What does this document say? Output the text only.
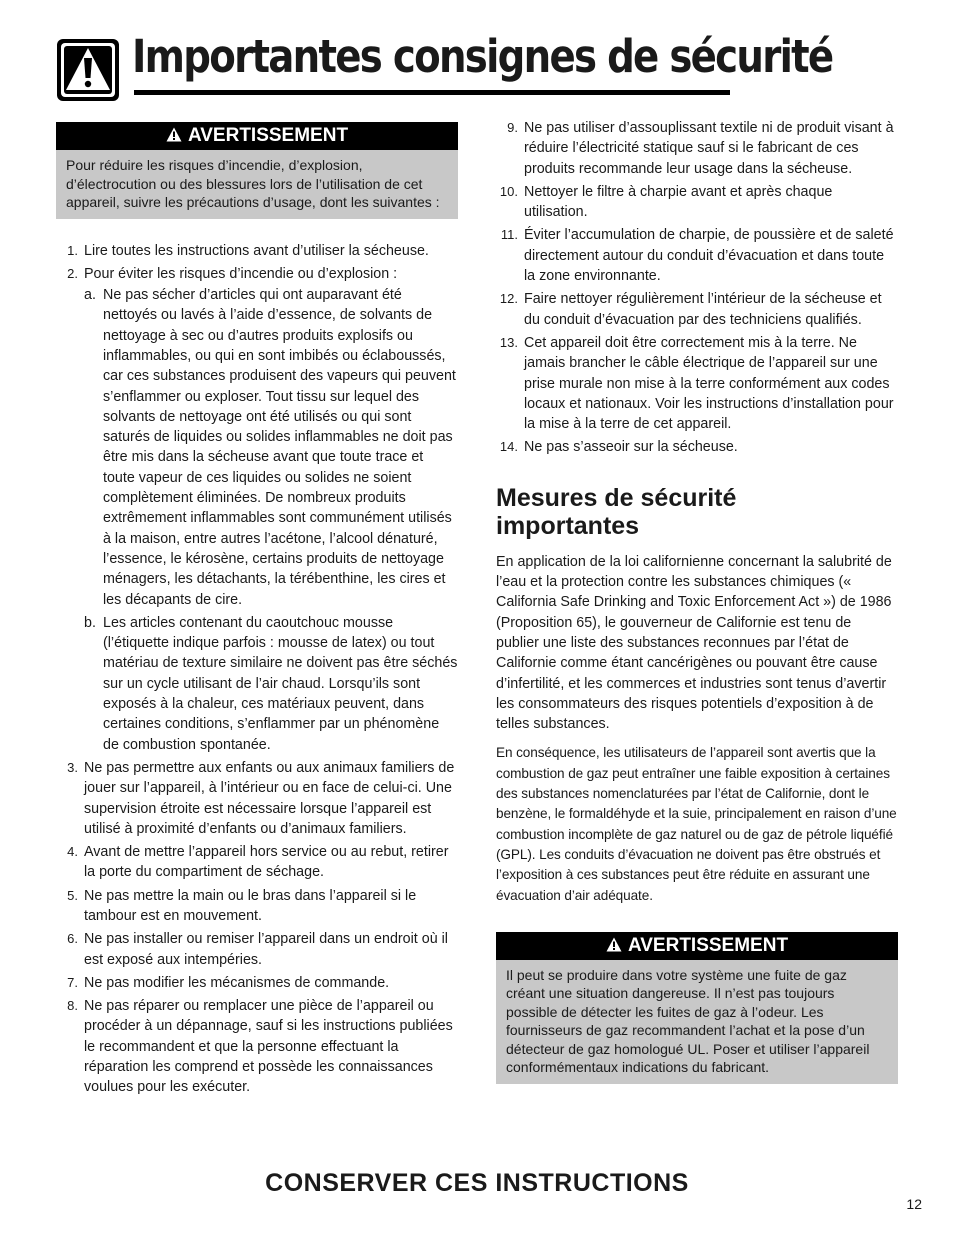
Importantes consignes de sécurité
AVERTISSEMENT
Pour réduire les risques d’incendie, d’explosion, d’électrocution ou des blessures lors de l’utilisation de cet appareil, suivre les précautions d’usage, dont les suivantes :
1. Lire toutes les instructions avant d’utiliser la sécheuse.
2. Pour éviter les risques d’incendie ou d’explosion :
a. Ne pas sécher d’articles qui ont auparavant été nettoyés ou lavés à l’aide d’essence, de solvants de nettoyage à sec ou d’autres produits explosifs ou inflammables, ou qui en sont imbibés ou éclaboussés, car ces substances produisent des vapeurs qui peuvent s’enflammer ou exploser. Tout tissu sur lequel des solvants de nettoyage ont été utilisés ou qui sont saturés de liquides ou solides inflammables ne doit pas être mis dans la sécheuse avant que toute trace et toute vapeur de ces liquides ou solides ne soient complètement éliminées. De nombreux produits extrêmement inflammables sont communément utilisés à la maison, entre autres l’acétone, l’alcool dénaturé, l’essence, le kérosène, certains produits de nettoyage ménagers, les détachants, la térébenthine, les cires et les décapants de cire.
b. Les articles contenant du caoutchouc mousse (l’étiquette indique parfois : mousse de latex) ou tout matériau de texture similaire ne doivent pas être séchés sur un cycle utilisant de l’air chaud. Lorsqu’ils sont exposés à la chaleur, ces matériaux peuvent, dans certaines conditions, s’enflammer par un phénomène de combustion spontanée.
3. Ne pas permettre aux enfants ou aux animaux familiers de jouer sur l’appareil, à l’intérieur ou en face de celui-ci. Une supervision étroite est nécessaire lorsque l’appareil est utilisé à proximité d’enfants ou d’animaux familiers.
4. Avant de mettre l’appareil hors service ou au rebut, retirer la porte du compartiment de séchage.
5. Ne pas mettre la main ou le bras dans l’appareil si le tambour est en mouvement.
6. Ne pas installer ou remiser l’appareil dans un endroit où il est exposé aux intempéries.
7. Ne pas modifier les mécanismes de commande.
8. Ne pas réparer ou remplacer une pièce de l’appareil ou procéder à un dépannage, sauf si les instructions publiées le recommandent et que la personne effectuant la réparation les comprend et possède les connaissances voulues pour les exécuter.
9. Ne pas utiliser d’assouplissant textile ni de produit visant à réduire l’électricité statique sauf si le fabricant de ces produits recommande leur usage dans la sécheuse.
10. Nettoyer le filtre à charpie avant et après chaque utilisation.
11. Éviter l’accumulation de charpie, de poussière et de saleté directement autour du conduit d’évacuation et dans toute la zone environnante.
12. Faire nettoyer régulièrement l’intérieur de la sécheuse et du conduit d’évacuation par des techniciens qualifiés.
13. Cet appareil doit être correctement mis à la terre. Ne jamais brancher le câble électrique de l’appareil sur une prise murale non mise à la terre conformément aux codes locaux et nationaux. Voir les instructions d’installation pour la mise à la terre de cet appareil.
14. Ne pas s’asseoir sur la sécheuse.
Mesures de sécurité importantes

En application de la loi californienne concernant la salubrité de l’eau et la protection contre les substances chimiques (« California Safe Drinking and Toxic Enforcement Act ») de 1986 (Proposition 65), le gouverneur de Californie est tenu de publier une liste des substances reconnues par l’état de Californie comme étant cancérigènes ou pouvant être cause d’infertilité, et les commerces et industries sont tenus d’avertir les consommateurs des risques potentiels d’exposition à de telles substances.

En conséquence, les utilisateurs de l’appareil sont avertis que la combustion de gaz peut entraîner une faible exposition à certaines des substances nomenclaturées par l’état de Californie, dont le benzène, le formaldéhyde et la suie, principalement en raison d’une combustion incomplète de gaz naturel ou de gaz de pétrole liquéfié (GPL). Les conduits d’évacuation ne doivent pas être obstrués et l’exposition à ces substances peut être réduite en assurant une évacuation d’air adéquate.

AVERTISSEMENT
Il peut se produire dans votre système une fuite de gaz créant une situation dangereuse. Il n’est pas toujours possible de détecter les fuites de gaz à l’odeur. Les fournisseurs de gaz recommandent l’achat et la pose d’un détecteur de gaz homologué UL. Poser et utiliser l’appareil conformémentaux indications du fabricant.
CONSERVER CES INSTRUCTIONS
12
